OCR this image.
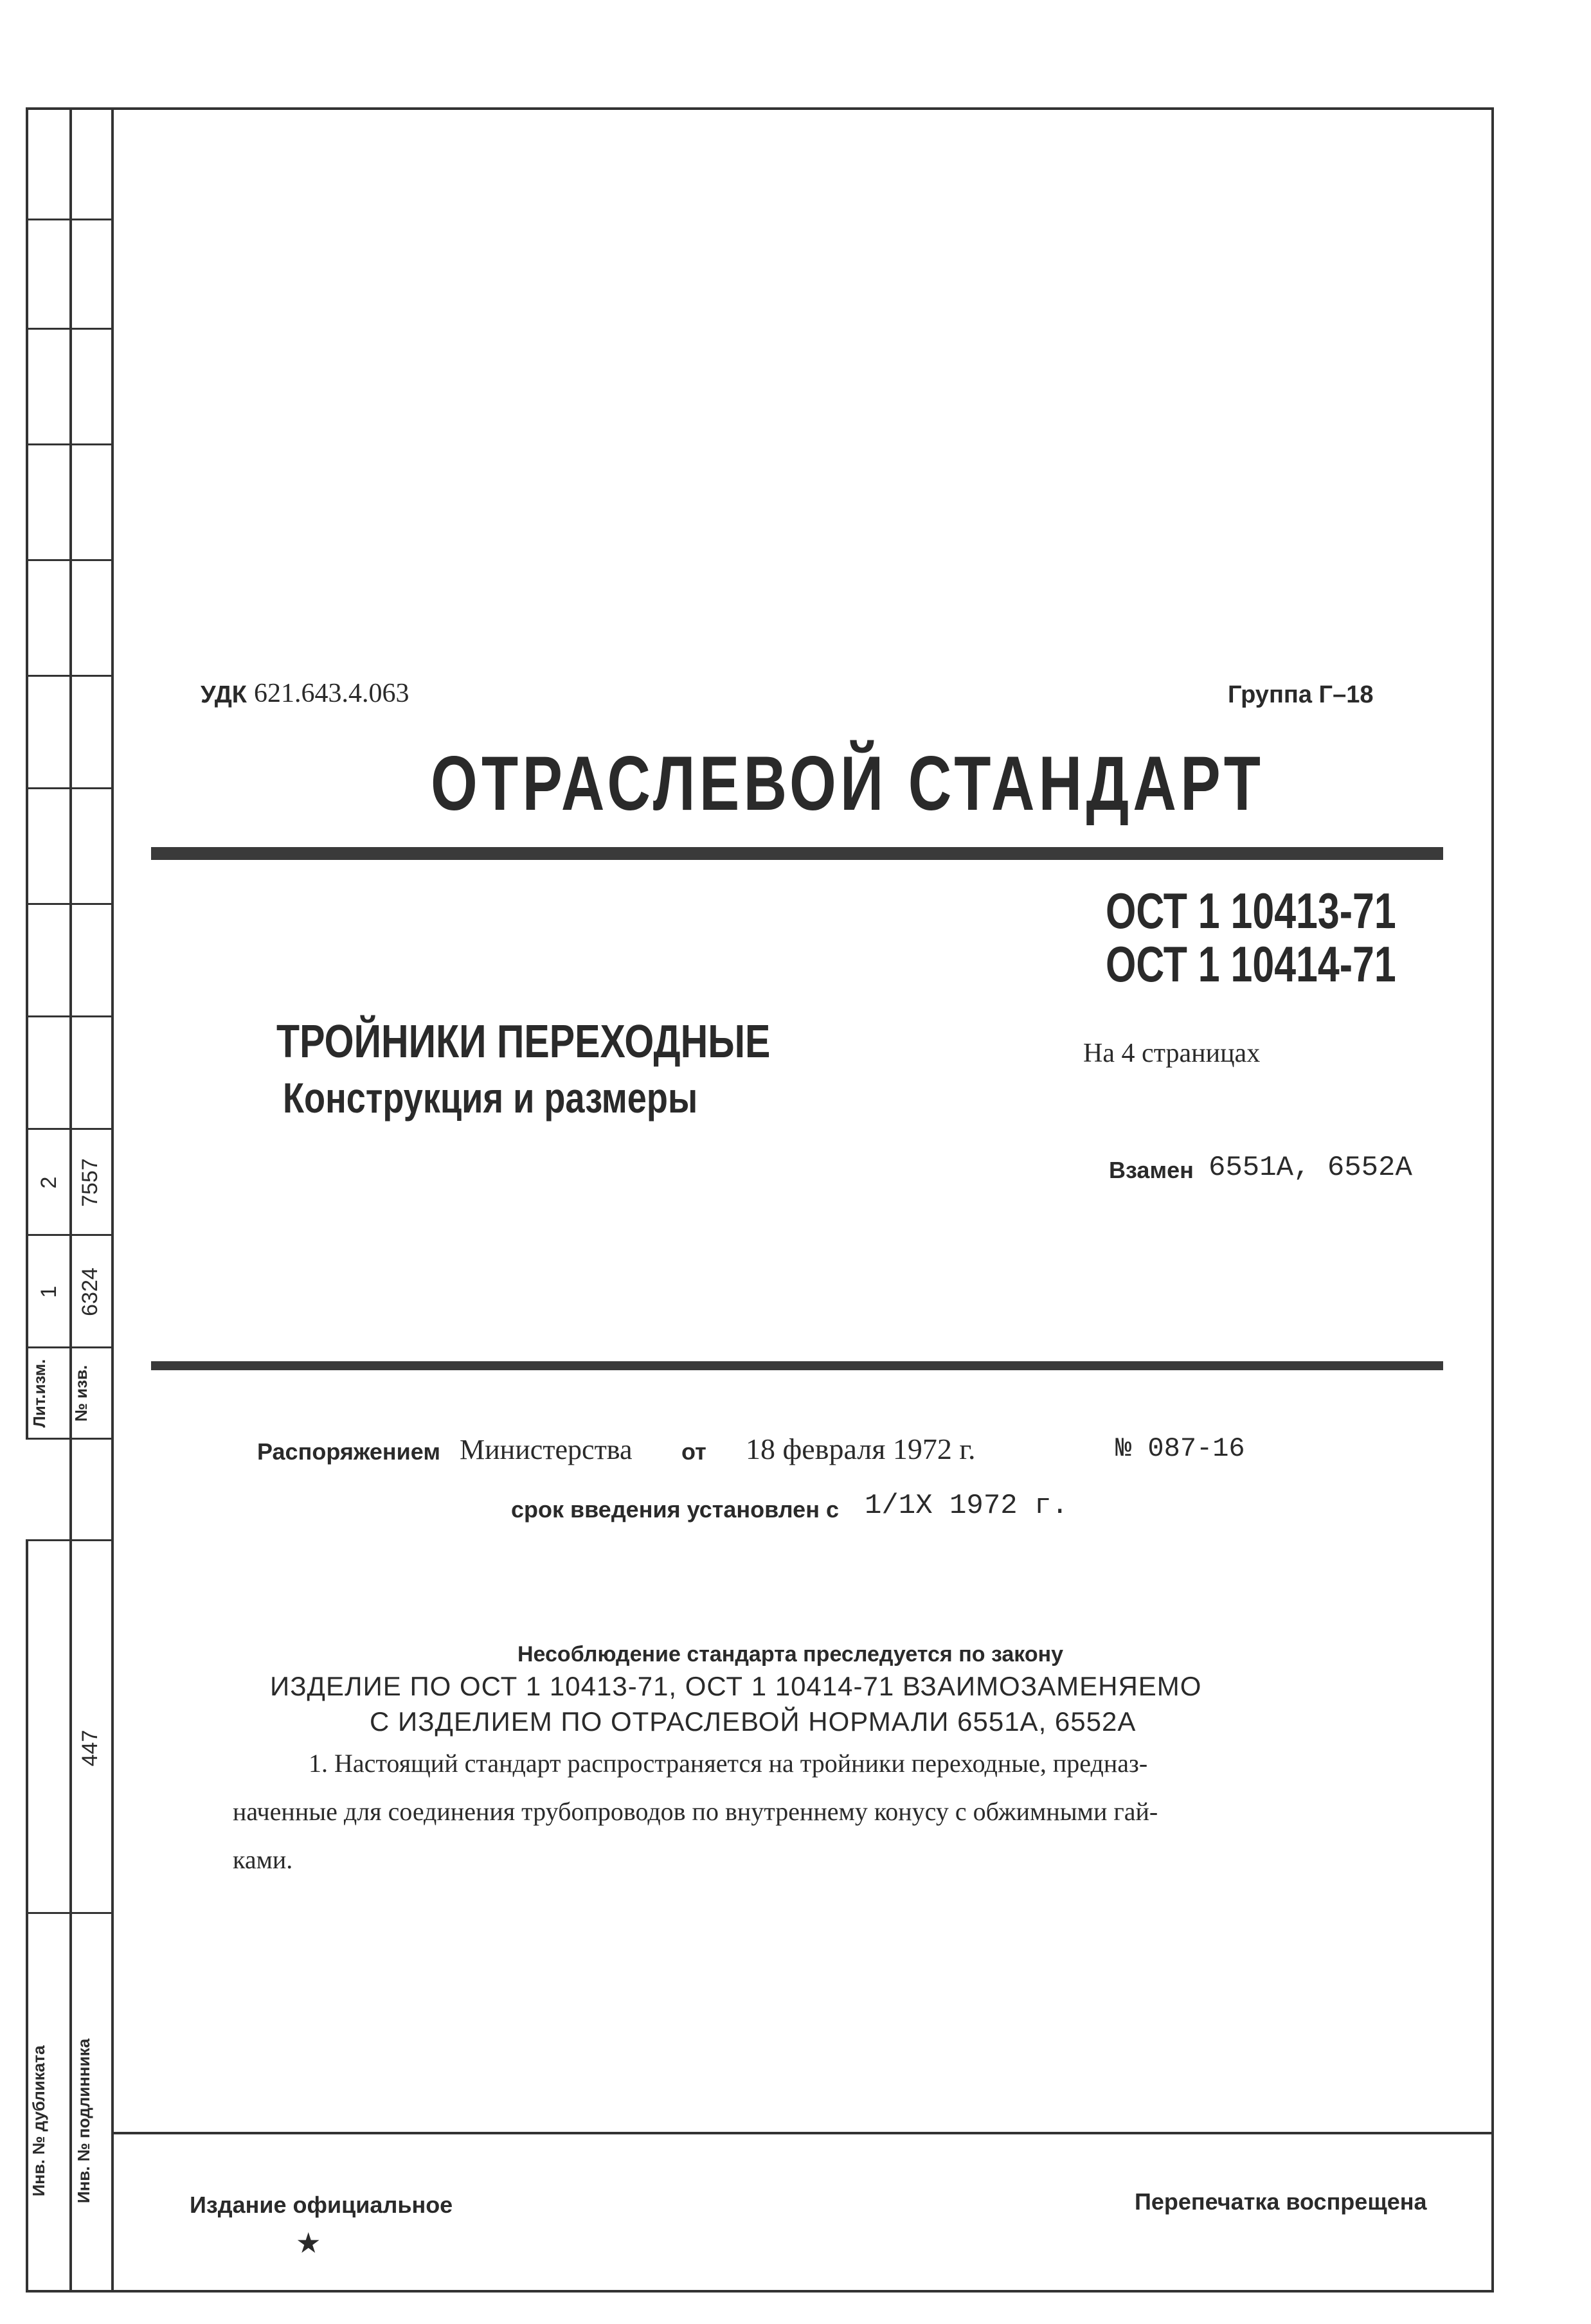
Лит.изм. № изв.
1
2
6324
7557
447
Инв. № дубликата Инв. № подлинника
УДК 621.643.4.063	Группа Г–18
ОТРАСЛЕВОЙ СТАНДАРТ
ОСТ 1 10413-71
ОСТ 1 10414-71
ТРОЙНИКИ ПЕРЕХОДНЫЕ
Конструкция и размеры
На 4 страницах
Взамен 6551А, 6552А
Распоряжением Министерства от 18 февраля 1972 г.	№ 087-16
срок введения установлен с 1/1Х 1972 г.
Несоблюдение стандарта преследуется по закону
ИЗДЕЛИЕ ПО ОСТ 1 10413-71, ОСТ 1 10414-71 ВЗАИМОЗАМЕНЯЕМО
С ИЗДЕЛИЕМ ПО ОТРАСЛЕВОЙ НОРМАЛИ 6551А, 6552А
1. Настоящий стандарт распространяется на тройники переходные, предназ-
наченные для соединения трубопроводов по внутреннему конусу с обжимными гай-
ками.
Издание официальное
★
Перепечатка воспрещена
